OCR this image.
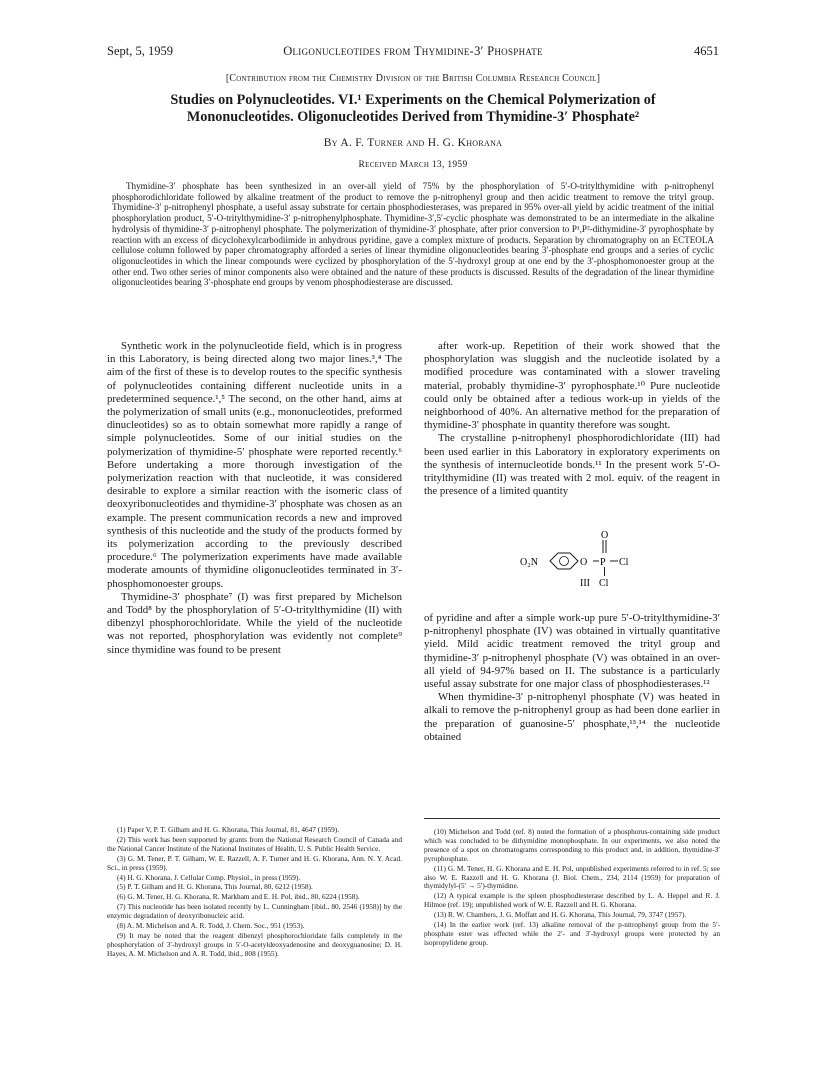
Sept, 5, 1959	Oligonucleotides from Thymidine-3′ Phosphate	4651
[Contribution from the Chemistry Division of the British Columbia Research Council]
Studies on Polynucleotides. VI.¹ Experiments on the Chemical Polymerization of
Mononucleotides. Oligonucleotides Derived from Thymidine-3′ Phosphate²
By A. F. Turner and H. G. Khorana
Received March 13, 1959
Thymidine-3′ phosphate has been synthesized in an over-all yield of 75% by the phosphorylation of 5′-O-tritylthymidine with p-nitrophenyl phosphorodichloridate followed by alkaline treatment of the product to remove the p-nitrophenyl group and then acidic treatment to remove the trityl group. Thymidine-3′ p-nitrophenyl phosphate, a useful assay substrate for certain phosphodiesterases, was prepared in 95% over-all yield by acidic treatment of the initial phosphorylation product, 5′-O-tritylthymidine-3′ p-nitrophenylphosphate. Thymidine-3′,5′-cyclic phosphate was demonstrated to be an intermediate in the alkaline hydrolysis of thymidine-3′ p-nitrophenyl phosphate. The polymerization of thymidine-3′ phosphate, after prior conversion to P¹,P²-dithymidine-3′ pyrophosphate by reaction with an excess of dicyclohexylcarbodiimide in anhydrous pyridine, gave a complex mixture of products. Separation by chromatography on an ECTEOLA cellulose column followed by paper chromatography afforded a series of linear thymidine oligonucleotides bearing 3′-phosphate end groups and a series of cyclic oligonucleotides in which the linear compounds were cyclized by phosphorylation of the 5′-hydroxyl group at one end by the 3′-phosphomonoester group at the other end. Two other series of minor components also were obtained and the nature of these products is discussed. Results of the degradation of the linear thymidine oligonucleotides bearing 3′-phosphate end groups by venom phosphodiesterase are discussed.

Synthetic work in the polynucleotide field, which is in progress in this Laboratory, is being directed along two major lines.³,⁴ The aim of the first of these is to develop routes to the specific synthesis of polynucleotides containing different nucleotide units in a predetermined sequence.¹,⁵ The second, on the other hand, aims at the polymerization of small units (e.g., mononucleotides, preformed dinucleotides) so as to obtain somewhat more rapidly a range of simple polynucleotides. Some of our initial studies on the polymerization of thymidine-5′ phosphate were reported recently.⁶ Before undertaking a more thorough investigation of the polymerization reaction with that nucleotide, it was considered desirable to explore a similar reaction with the isomeric class of deoxyribonucleotides and thymidine-3′ phosphate was chosen as an example. The present communication records a new and improved synthesis of this nucleotide and the study of the products formed by its polymerization according to the previously described procedure.⁶ The polymerization experiments have made available moderate amounts of thymidine oligonucleotides terminated in 3′-phosphomonoester groups.

Thymidine-3′ phosphate⁷ (I) was first prepared by Michelson and Todd⁸ by the phosphorylation of 5′-O-tritylthymidine (II) with dibenzyl phosphorochloridate. While the yield of the nucleotide was not reported, phosphorylation was evidently not complete⁹ since thymidine was found to be present

after work-up. Repetition of their work showed that the phosphorylation was sluggish and the nucleotide isolated by a modified procedure was contaminated with a slower traveling material, probably thymidine-3′ pyrophosphate.¹⁰ Pure nucleotide could only be obtained after a tedious work-up in yields of the neighborhood of 40%. An alternative method for the preparation of thymidine-3′ phosphate in quantity therefore was sought.

The crystalline p-nitrophenyl phosphorodichloridate (III) had been used earlier in this Laboratory in exploratory experiments on the synthesis of internucleotide bonds.¹¹ In the present work 5′-O-tritylthymidine (II) was treated with 2 mol. equiv. of the reagent in the presence of a limited quantity

O₂N
O
O P Cl
Cl
III

of pyridine and after a simple work-up pure 5′-O-tritylthymidine-3′ p-nitrophenyl phosphate (IV) was obtained in virtually quantitative yield. Mild acidic treatment removed the trityl group and thymidine-3′ p-nitrophenyl phosphate (V) was obtained in an over-all yield of 94-97% based on II. The substance is a particularly useful assay substrate for one major class of phosphodiesterases.¹²

When thymidine-3′ p-nitrophenyl phosphate (V) was heated in alkali to remove the p-nitrophenyl group as had been done earlier in the preparation of guanosine-5′ phosphate,¹³,¹⁴ the nucleotide obtained

(1) Paper V, P. T. Gilham and H. G. Khorana, This Journal, 81, 4647 (1959).

(2) This work has been supported by grants from the National Research Council of Canada and the National Cancer Institute of the National Institutes of Health, U. S. Public Health Service.

(3) G. M. Tener, P. T. Gilham, W. E. Razzell, A. F. Turner and H. G. Khorana, Ann. N. Y. Acad. Sci., in press (1959).

(4) H. G. Khorana, J. Cellular Comp. Physiol., in press (1959).

(5) P. T. Gilham and H. G. Khorana, This Journal, 80, 6212 (1958).

(6) G. M. Tener, H. G. Khorana, R. Markham and E. H. Pol, ibid., 80, 6224 (1958).

(7) This nucleotide has been isolated recently by L. Cunningham [ibid., 80, 2546 (1958)] by the enzymic degradation of deoxyribonucleic acid.

(8) A. M. Michelson and A. R. Todd, J. Chem. Soc., 951 (1953).

(9) It may be noted that the reagent dibenzyl phosphorochloridate fails completely in the phosphorylation of 3′-hydroxyl groups in 5′-O-acetyldeoxyadenosine and deoxyguanosine; D. H. Hayes, A. M. Michelson and A. R. Todd, ibid., 808 (1955).

(10) Michelson and Todd (ref. 8) noted the formation of a phosphorus-containing side product which was concluded to be dithymidine monophosphate. In our experiments, we also noted the presence of a spot on chromatograms corresponding to this product and, in addition, thymidine-3′ pyrophosphate.

(11) G. M. Tener, H. G. Khorana and E. H. Pol, unpublished experiments referred to in ref. 5; see also W. E. Razzell and H. G. Khorana (J. Biol. Chem., 234, 2114 (1959) for preparation of thymidylyl-(5′ → 5′)-thymidine.

(12) A typical example is the spleen phosphodiesterase described by L. A. Heppel and R. J. Hilmoe (ref. 19); unpublished work of W. E. Razzell and H. G. Khorana.

(13) R. W. Chambers, J. G. Moffatt and H. G. Khorana, This Journal, 79, 3747 (1957).

(14) In the earlier work (ref. 13) alkaline removal of the p-nitrophenyl group from the 5′-phosphate ester was effected while the 2′- and 3′-hydroxyl groups were protected by an isopropylidene group.
